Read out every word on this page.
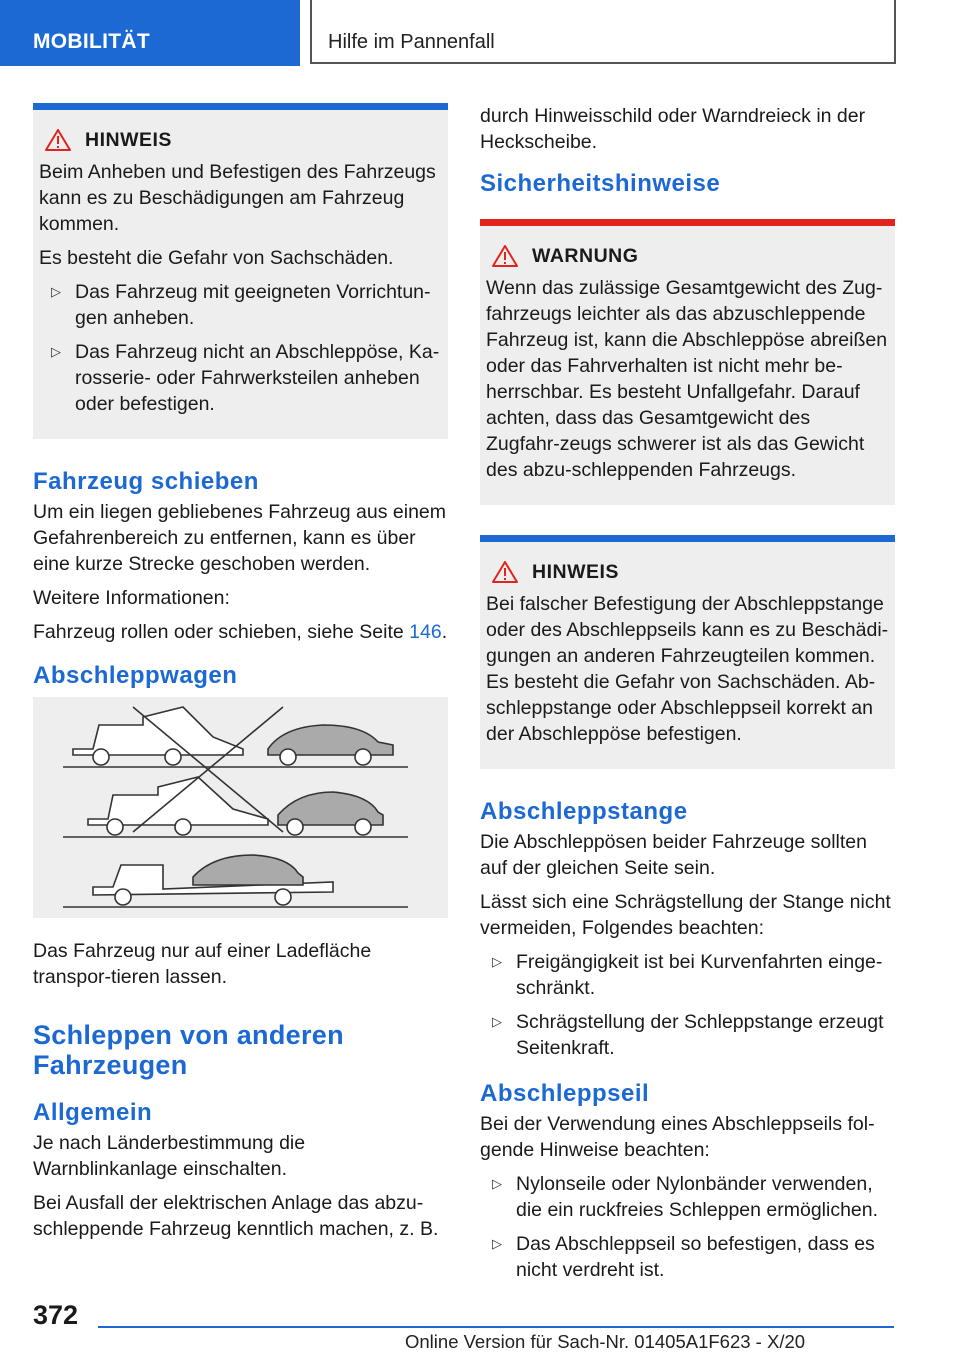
MOBILITÄT	Hilfe im Pannenfall
HINWEIS

Beim Anheben und Befestigen des Fahrzeugs kann es zu Beschädigungen am Fahrzeug kommen.

Es besteht die Gefahr von Sachschäden.

▷ Das Fahrzeug mit geeigneten Vorrichtun-gen anheben.
▷ Das Fahrzeug nicht an Abschleppöse, Ka-rosserie- oder Fahrwerksteilen anheben oder befestigen.
Fahrzeug schieben

Um ein liegen gebliebenes Fahrzeug aus einem Gefahrenbereich zu entfernen, kann es über eine kurze Strecke geschoben werden.

Weitere Informationen:

Fahrzeug rollen oder schieben, siehe Seite 146.

Abschleppwagen

Das Fahrzeug nur auf einer Ladefläche transpor-tieren lassen.

Schleppen von anderen Fahrzeugen
Allgemein

Je nach Länderbestimmung die Warnblinkanlage einschalten.

Bei Ausfall der elektrischen Anlage das abzu-schleppende Fahrzeug kenntlich machen, z. B.

durch Hinweisschild oder Warndreieck in der Heckscheibe.

Sicherheitshinweise
WARNUNG

Wenn das zulässige Gesamtgewicht des Zug-fahrzeugs leichter als das abzuschleppende Fahrzeug ist, kann die Abschleppöse abreißen oder das Fahrverhalten ist nicht mehr be-herrschbar. Es besteht Unfallgefahr. Darauf achten, dass das Gesamtgewicht des Zugfahr-zeugs schwerer ist als das Gewicht des abzu-schleppenden Fahrzeugs.

HINWEIS

Bei falscher Befestigung der Abschleppstange oder des Abschleppseils kann es zu Beschädi-gungen an anderen Fahrzeugteilen kommen. Es besteht die Gefahr von Sachschäden. Ab-schleppstange oder Abschleppseil korrekt an der Abschleppöse befestigen.

Abschleppstange

Die Abschleppösen beider Fahrzeuge sollten auf der gleichen Seite sein.

Lässt sich eine Schrägstellung der Stange nicht vermeiden, Folgendes beachten:

▷ Freigängigkeit ist bei Kurvenfahrten einge-schränkt.
▷ Schrägstellung der Schleppstange erzeugt Seitenkraft.
Abschleppseil

Bei der Verwendung eines Abschleppseils fol-gende Hinweise beachten:

▷ Nylonseile oder Nylonbänder verwenden, die ein ruckfreies Schleppen ermöglichen.
▷ Das Abschleppseil so befestigen, dass es nicht verdreht ist.
372
Online Version für Sach-Nr. 01405A1F623 - X/20
